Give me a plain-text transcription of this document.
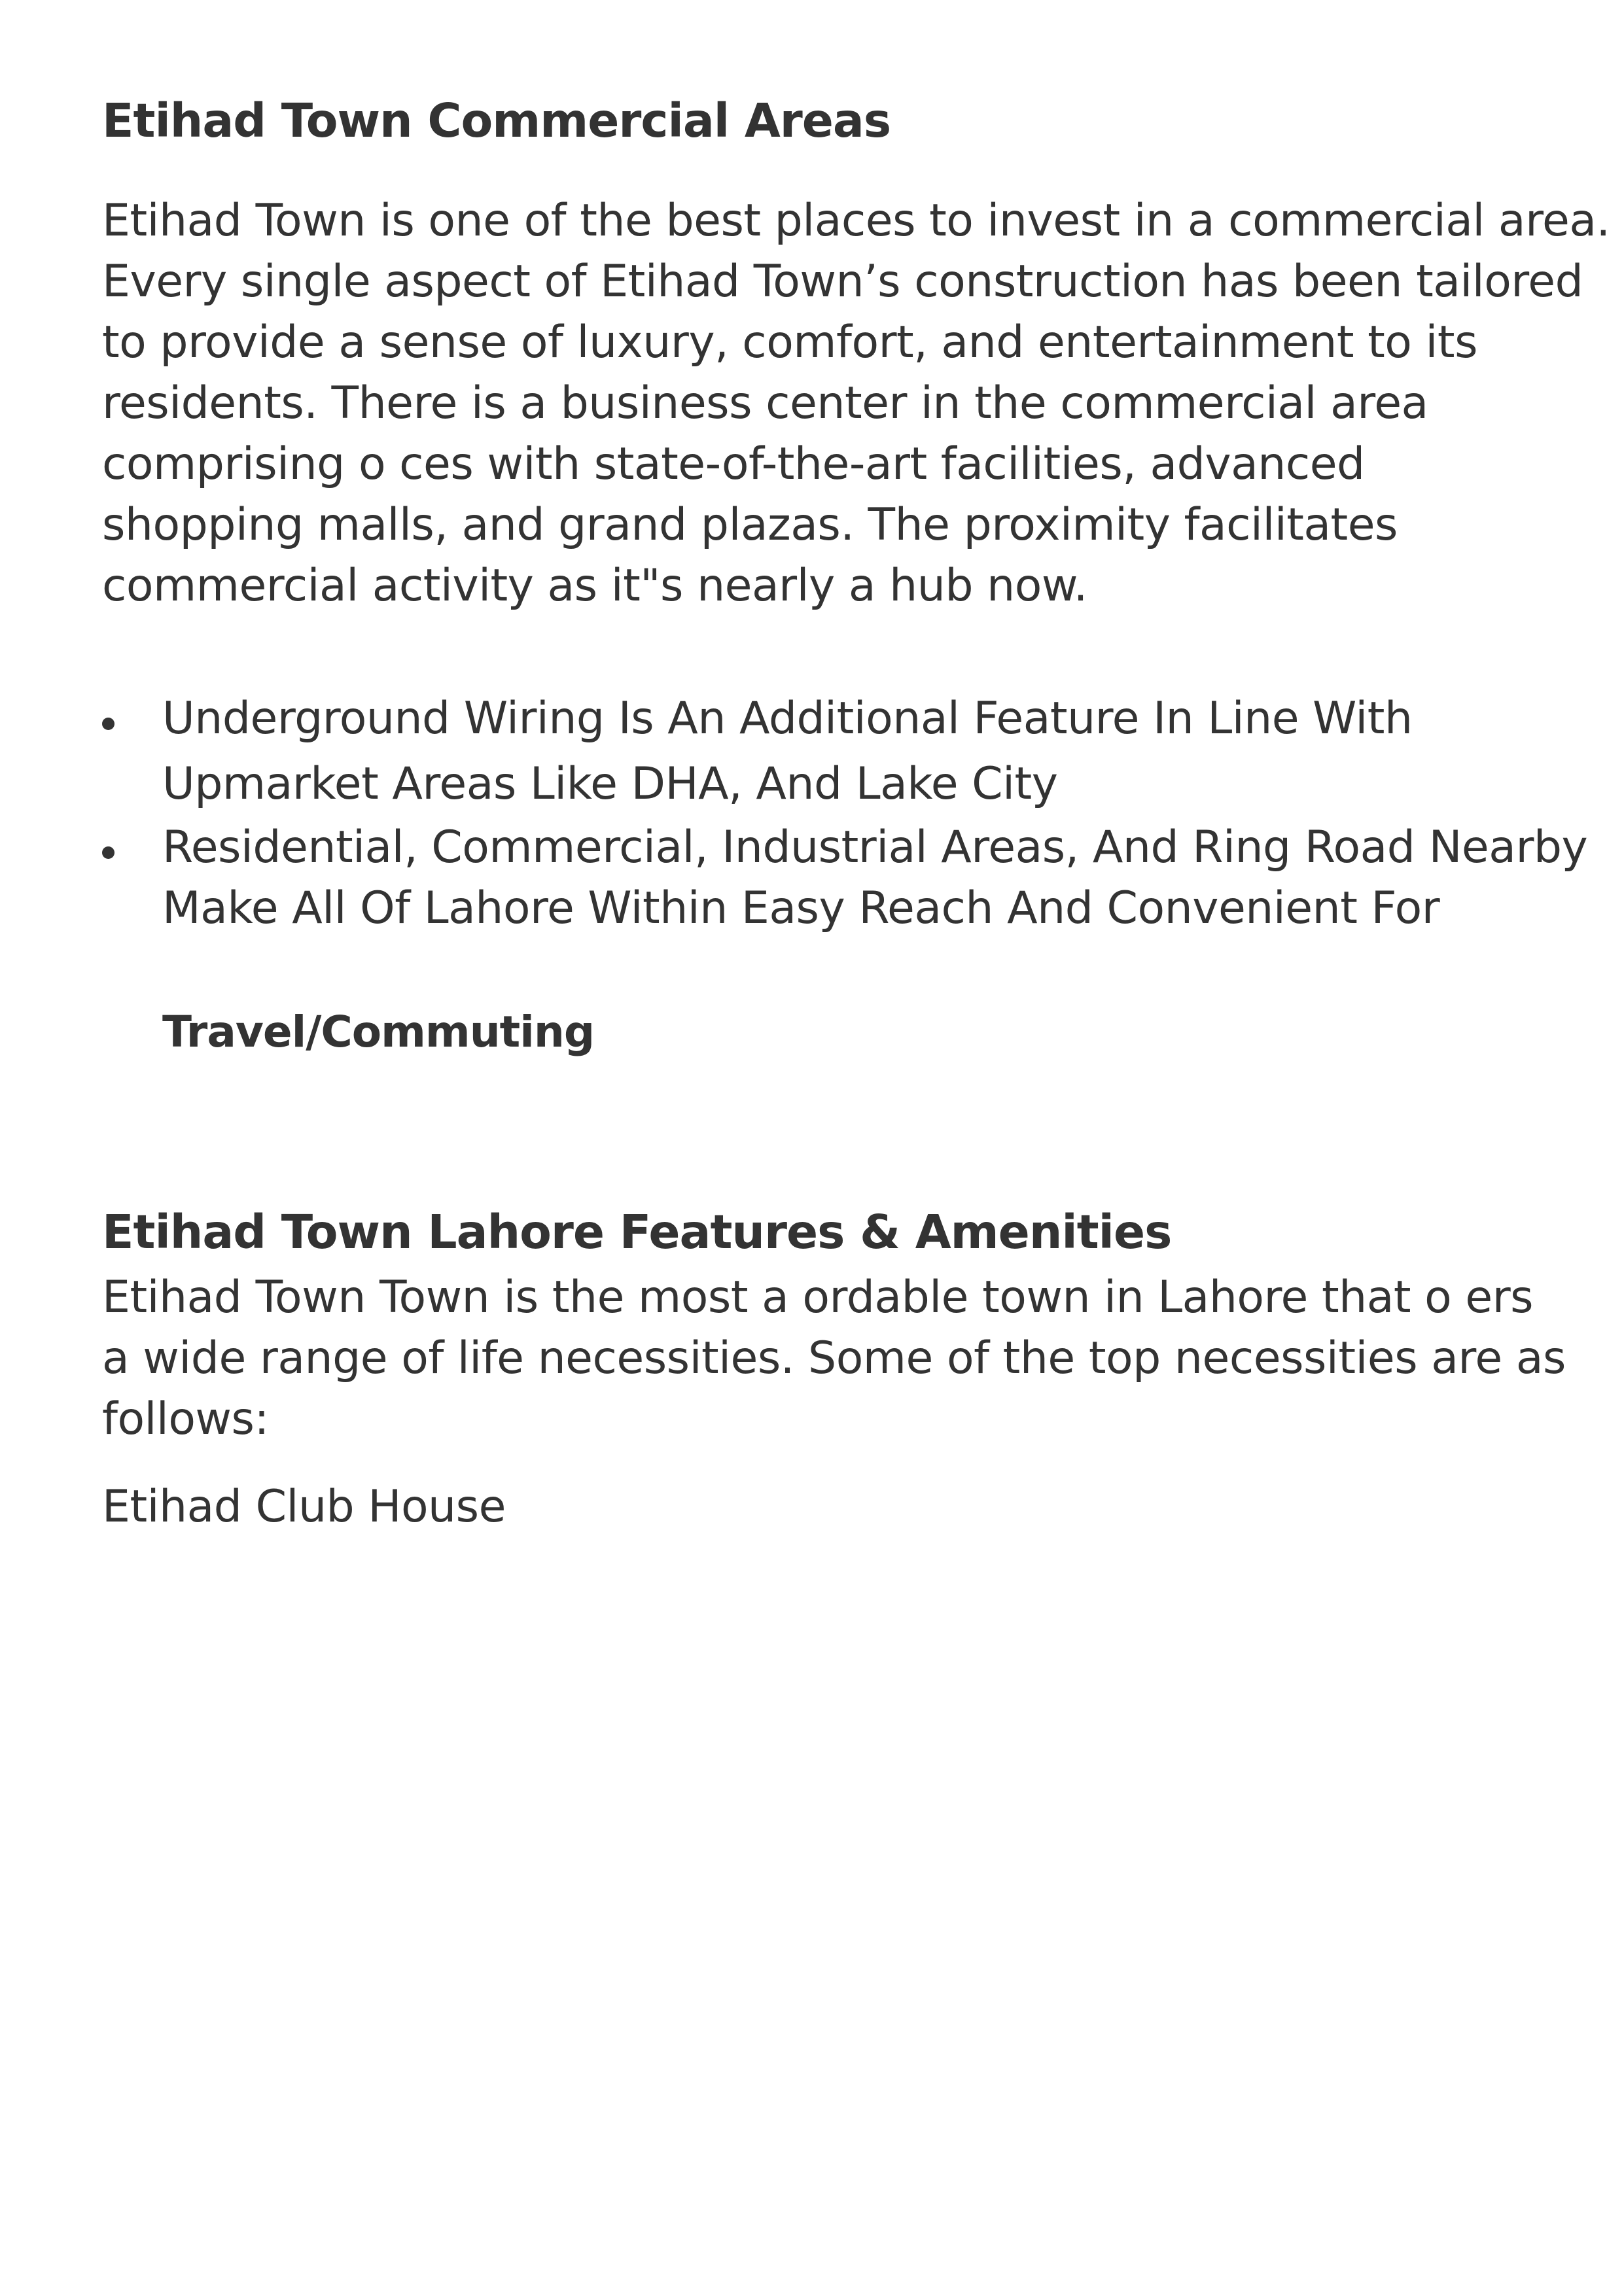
Etihad Town Commercial Areas

Etihad Town is one of the best places to invest in a commercial area.

Every single aspect of Etihad Town’s construction has been tailored

to provide a sense of luxury, comfort, and entertainment to its

residents. There is a business center in the commercial area

comprising o ces with state-of-the-art facilities, advanced

shopping malls, and grand plazas. The proximity facilitates

commercial activity as it"s nearly a hub now.

Underground Wiring Is An Additional Feature In Line With

Upmarket Areas Like DHA, And Lake City

Residential, Commercial, Industrial Areas, And Ring Road Nearby

Make All Of Lahore Within Easy Reach And Convenient For

Travel/Commuting

Etihad Town Lahore Features & Amenities

Etihad Town Town is the most a ordable town in Lahore that o ers

a wide range of life necessities. Some of the top necessities are as

follows:

Etihad Club House
